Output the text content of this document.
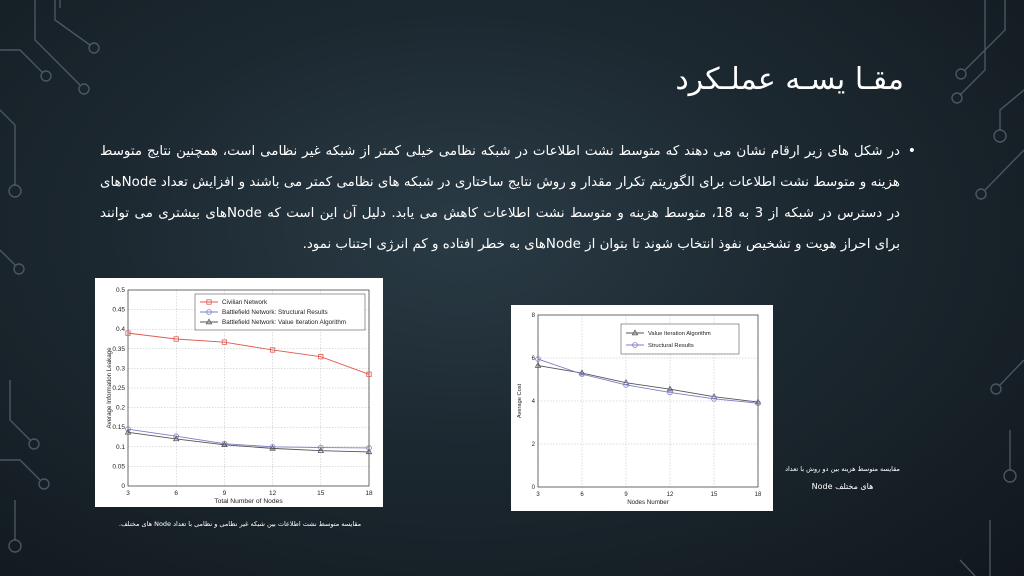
مقـا یسـه عملـکرد
•
در شکل های زیر ارقام نشان می دهند که متوسط نشت اطلاعات در شبکه نظامی خیلی کمتر از شبکه غیر نظامی است، همچنین نتایج متوسط هزینه و متوسط نشت اطلاعات برای الگوریتم تکرار مقدار و روش نتایج ساختاری در شبکه های نظامی کمتر می باشند و افزایش تعداد Nodeهای در دسترس در شبکه از 3 به 18، متوسط هزینه و متوسط نشت اطلاعات کاهش می یابد. دلیل آن این است که Nodeهای بیشتری می توانند برای احراز هویت و تشخیص نفوذ انتخاب شوند تا بتوان از Nodeهای به خطر افتاده و کم انرژی اجتناب نمود.
3	6	9	12	15	18
0
0.05
0.1
0.15
0.2
0.25
0.3
0.35
0.4
0.45
0.5
Total Number of Nodes
Average Information Leakage
Civilian Network
Battlefield Network: Structural Results
Battlefield Network: Value Iteration Algorithm
مقایسه متوسط نشت اطلاعات بین شبکه غیر نظامی و نظامی با تعداد Node های مختلف.
3	6	9	12	15	18
0
2
4
6
8
Nodes Number
Average Cost
Value Iteration Algorithm
Structural Results
مقایسه متوسط هزینه بین دو روش با تعداد
Node های مختلف
